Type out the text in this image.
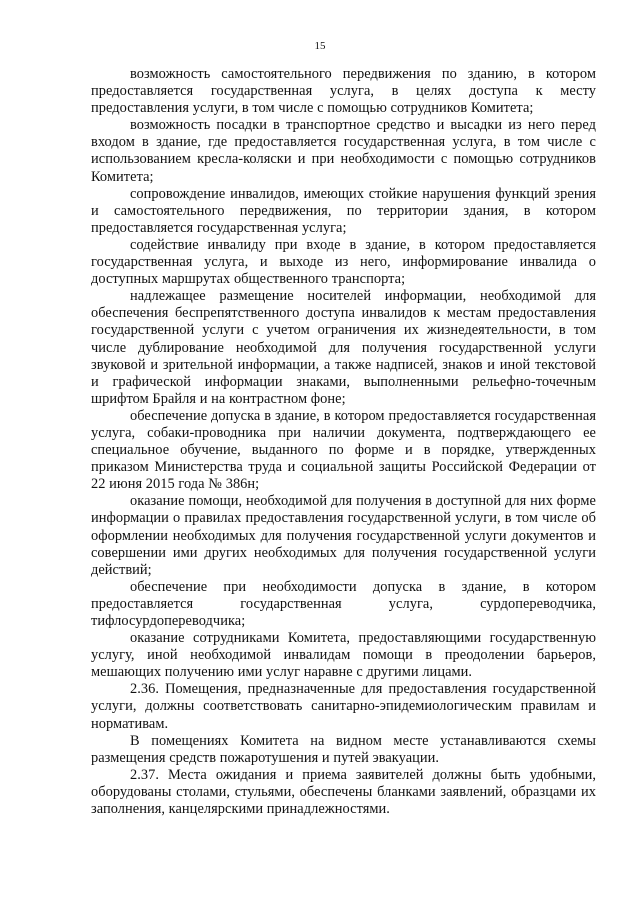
15

возможность самостоятельного передвижения по зданию, в котором предоставляется государственная услуга, в целях доступа к месту предоставления услуги, в том числе с помощью сотрудников Комитета;

возможность посадки в транспортное средство и высадки из него перед входом в здание, где предоставляется государственная услуга, в том числе с использованием кресла-коляски и при необходимости с помощью сотрудников Комитета;

сопровождение инвалидов, имеющих стойкие нарушения функций зрения и самостоятельного передвижения, по территории здания, в котором предоставляется государственная услуга;

содействие инвалиду при входе в здание, в котором предоставляется государственная услуга, и выходе из него, информирование инвалида о доступных маршрутах общественного транспорта;

надлежащее размещение носителей информации, необходимой для обеспечения беспрепятственного доступа инвалидов к местам предоставления государственной услуги с учетом ограничения их жизнедеятельности, в том числе дублирование необходимой для получения государственной услуги звуковой и зрительной информации, а также надписей, знаков и иной текстовой и графической информации знаками, выполненными рельефно-точечным шрифтом Брайля и на контрастном фоне;

обеспечение допуска в здание, в котором предоставляется государственная услуга, собаки-проводника при наличии документа, подтверждающего ее специальное обучение, выданного по форме и в порядке, утвержденных приказом Министерства труда и социальной защиты Российской Федерации от 22 июня 2015 года № 386н;

оказание помощи, необходимой для получения в доступной для них форме информации о правилах предоставления государственной услуги, в том числе об оформлении необходимых для получения государственной услуги документов и совершении ими других необходимых для получения государственной услуги действий;

обеспечение при необходимости допуска в здание, в котором предоставляется государственная услуга, сурдопереводчика, тифлосурдопереводчика;

оказание сотрудниками Комитета, предоставляющими государственную услугу, иной необходимой инвалидам помощи в преодолении барьеров, мешающих получению ими услуг наравне с другими лицами.

2.36. Помещения, предназначенные для предоставления государственной услуги, должны соответствовать санитарно-эпидемиологическим правилам и нормативам.

В помещениях Комитета на видном месте устанавливаются схемы размещения средств пожаротушения и путей эвакуации.

2.37. Места ожидания и приема заявителей должны быть удобными, оборудованы столами, стульями, обеспечены бланками заявлений, образцами их заполнения, канцелярскими принадлежностями.
